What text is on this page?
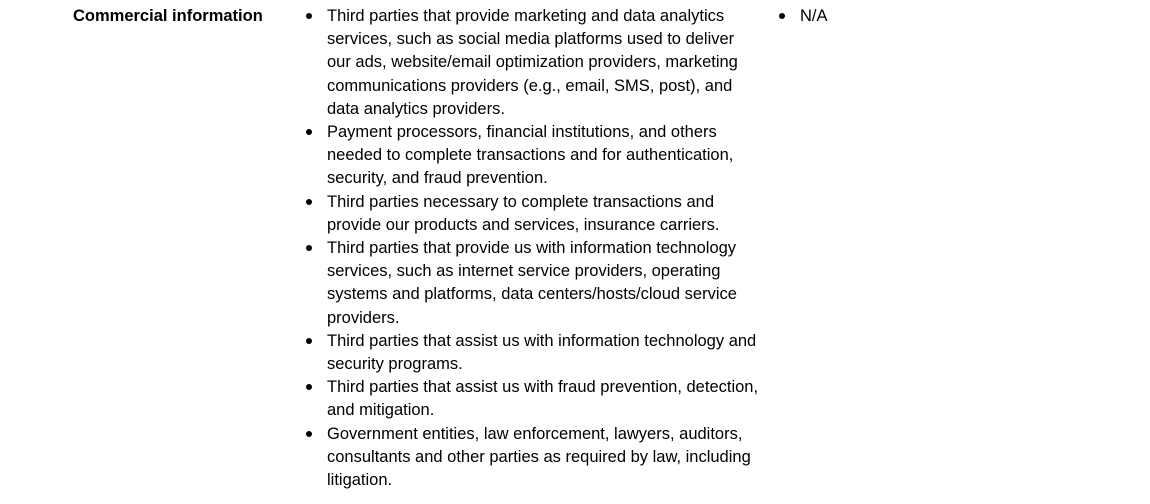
Commercial information	Third parties that provide marketing and data analytics services, such as social media platforms used to deliver our ads, website/email optimization providers, marketing communications providers (e.g., email, SMS, post), and data analytics providers.
Payment processors, financial institutions, and others needed to complete transactions and for authentication, security, and fraud prevention.
Third parties necessary to complete transactions and provide our products and services, insurance carriers.
Third parties that provide us with information technology services, such as internet service providers, operating systems and platforms, data centers/hosts/cloud service providers.
Third parties that assist us with information technology and security programs.
Third parties that assist us with fraud prevention, detection, and mitigation.
Government entities, law enforcement, lawyers, auditors, consultants and other parties as required by law, including litigation.
N/A
